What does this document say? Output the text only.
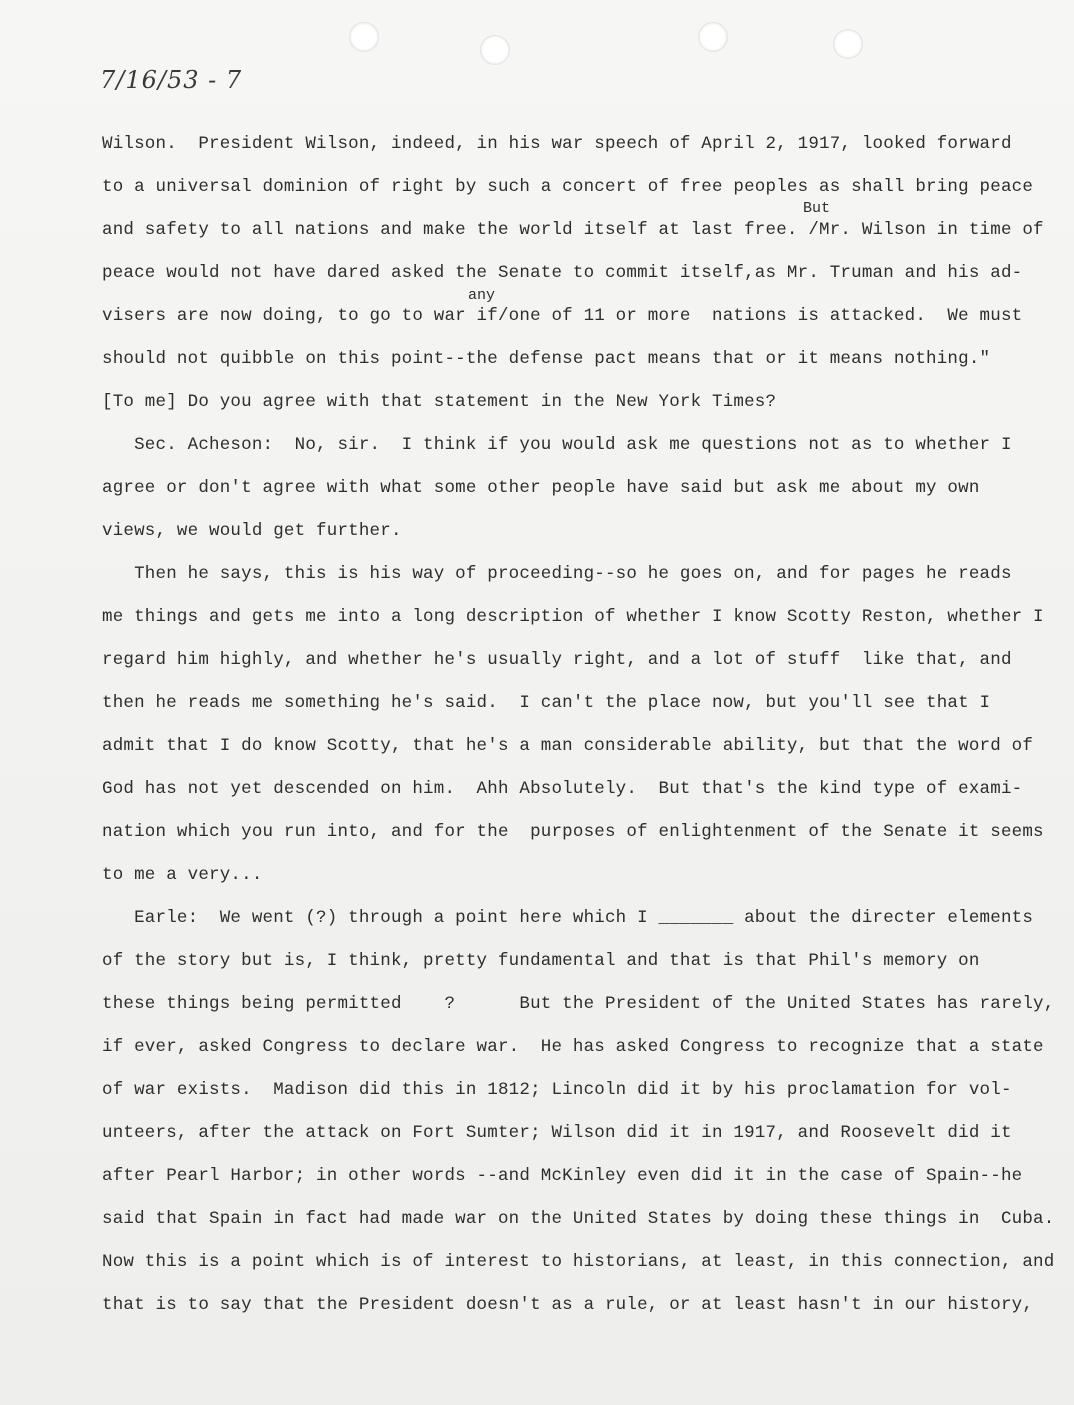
7/16/53 - 7
But
any
Wilson.  President Wilson, indeed, in his war speech of April 2, 1917, looked forward
to a universal dominion of right by such a concert of free peoples as shall bring peace
and safety to all nations and make the world itself at last free. /Mr. Wilson in time of
peace would not have dared asked the Senate to commit itself,as Mr. Truman and his ad-
visers are now doing, to go to war if/one of 11 or more  nations is attacked.  We must
should not quibble on this point--the defense pact means that or it means nothing."
[To me] Do you agree with that statement in the New York Times?
Sec. Acheson:  No, sir.  I think if you would ask me questions not as to whether I
agree or don't agree with what some other people have said but ask me about my own
views, we would get further.
Then he says, this is his way of proceeding--so he goes on, and for pages he reads
me things and gets me into a long description of whether I know Scotty Reston, whether I
regard him highly, and whether he's usually right, and a lot of stuff  like that, and
then he reads me something he's said.  I can't the place now, but you'll see that I
admit that I do know Scotty, that he's a man considerable ability, but that the word of
God has not yet descended on him.  Ahh Absolutely.  But that's the kind type of exami-
nation which you run into, and for the  purposes of enlightenment of the Senate it seems
to me a very...
Earle:  We went (?) through a point here which I _______ about the directer elements
of the story but is, I think, pretty fundamental and that is that Phil's memory on
these things being permitted    ?      But the President of the United States has rarely,
if ever, asked Congress to declare war.  He has asked Congress to recognize that a state
of war exists.  Madison did this in 1812; Lincoln did it by his proclamation for vol-
unteers, after the attack on Fort Sumter; Wilson did it in 1917, and Roosevelt did it
after Pearl Harbor; in other words --and McKinley even did it in the case of Spain--he
said that Spain in fact had made war on the United States by doing these things in  Cuba.
Now this is a point which is of interest to historians, at least, in this connection, and
that is to say that the President doesn't as a rule, or at least hasn't in our history,
